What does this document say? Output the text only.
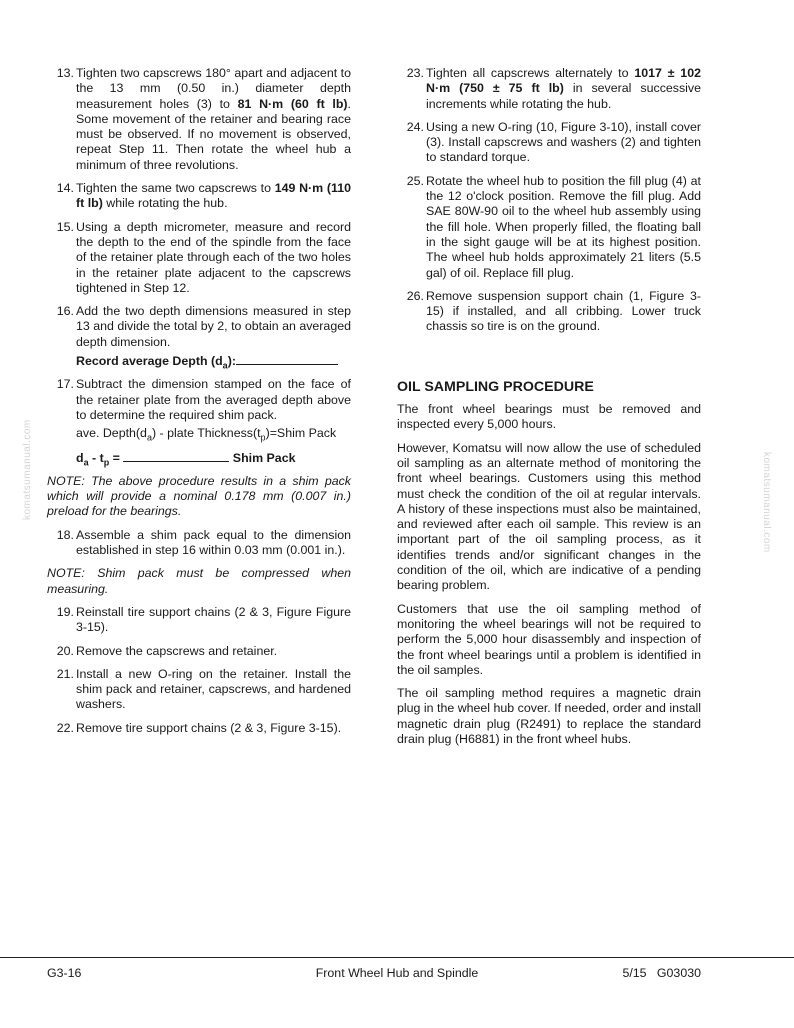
komatsumanual.com	komatsumanual.com
13. Tighten two capscrews 180° apart and adjacent to the 13 mm (0.50 in.) diameter depth measurement holes (3) to 81 N·m (60 ft lb). Some movement of the retainer and bearing race must be observed. If no movement is observed, repeat Step 11. Then rotate the wheel hub a minimum of three revolutions.
14. Tighten the same two capscrews to 149 N·m (110 ft lb) while rotating the hub.
15. Using a depth micrometer, measure and record the depth to the end of the spindle from the face of the retainer plate through each of the two holes in the retainer plate adjacent to the capscrews tightened in Step 12.
16. Add the two depth dimensions measured in step 13 and divide the total by 2, to obtain an averaged depth dimension.
Record average Depth $(d_a)$:
17. Subtract the dimension stamped on the face of the retainer plate from the averaged depth above to determine the required shim pack.
ave. $Depth(d_a)$ - plate $Thickness(t_p)=Shim$ Pack
$d_a - t_p$ =	Shim Pack
NOTE: The above procedure results in a shim pack which will provide a nominal 0.178 mm (0.007 in.) preload for the bearings.
18. Assemble a shim pack equal to the dimension established in step 16 within 0.03 mm (0.001 in.).
NOTE: Shim pack must be compressed when measuring.
19. Reinstall tire support chains (2 & 3, Figure Figure 3-15).
20. Remove the capscrews and retainer.
21. Install a new O-ring on the retainer. Install the shim pack and retainer, capscrews, and hardened washers.
22. Remove tire support chains (2 & 3, Figure 3-15).
23. Tighten all capscrews alternately to 1017 ± 102 N·m (750 ± 75 ft lb) in several successive increments while rotating the hub.
24. Using a new O-ring (10, Figure 3-10), install cover (3). Install capscrews and washers (2) and tighten to standard torque.
25. Rotate the wheel hub to position the fill plug (4) at the 12 o'clock position. Remove the fill plug. Add SAE 80W-90 oil to the wheel hub assembly using the fill hole. When properly filled, the floating ball in the sight gauge will be at its highest position. The wheel hub holds approximately 21 liters (5.5 gal) of oil. Replace fill plug.
26. Remove suspension support chain (1, Figure 3-15) if installed, and all cribbing. Lower truck chassis so tire is on the ground.
OIL SAMPLING PROCEDURE
The front wheel bearings must be removed and inspected every 5,000 hours.
However, Komatsu will now allow the use of scheduled oil sampling as an alternate method of monitoring the front wheel bearings. Customers using this method must check the condition of the oil at regular intervals. A history of these inspections must also be maintained, and reviewed after each oil sample. This review is an important part of the oil sampling process, as it identifies trends and/or significant changes in the condition of the oil, which are indicative of a pending bearing problem.
Customers that use the oil sampling method of monitoring the wheel bearings will not be required to perform the 5,000 hour disassembly and inspection of the front wheel bearings until a problem is identified in the oil samples.
The oil sampling method requires a magnetic drain plug in the wheel hub cover. If needed, order and install magnetic drain plug (R2491) to replace the standard drain plug (H6881) in the front wheel hubs.
G3-16	Front Wheel Hub and Spindle	5/15   G03030
